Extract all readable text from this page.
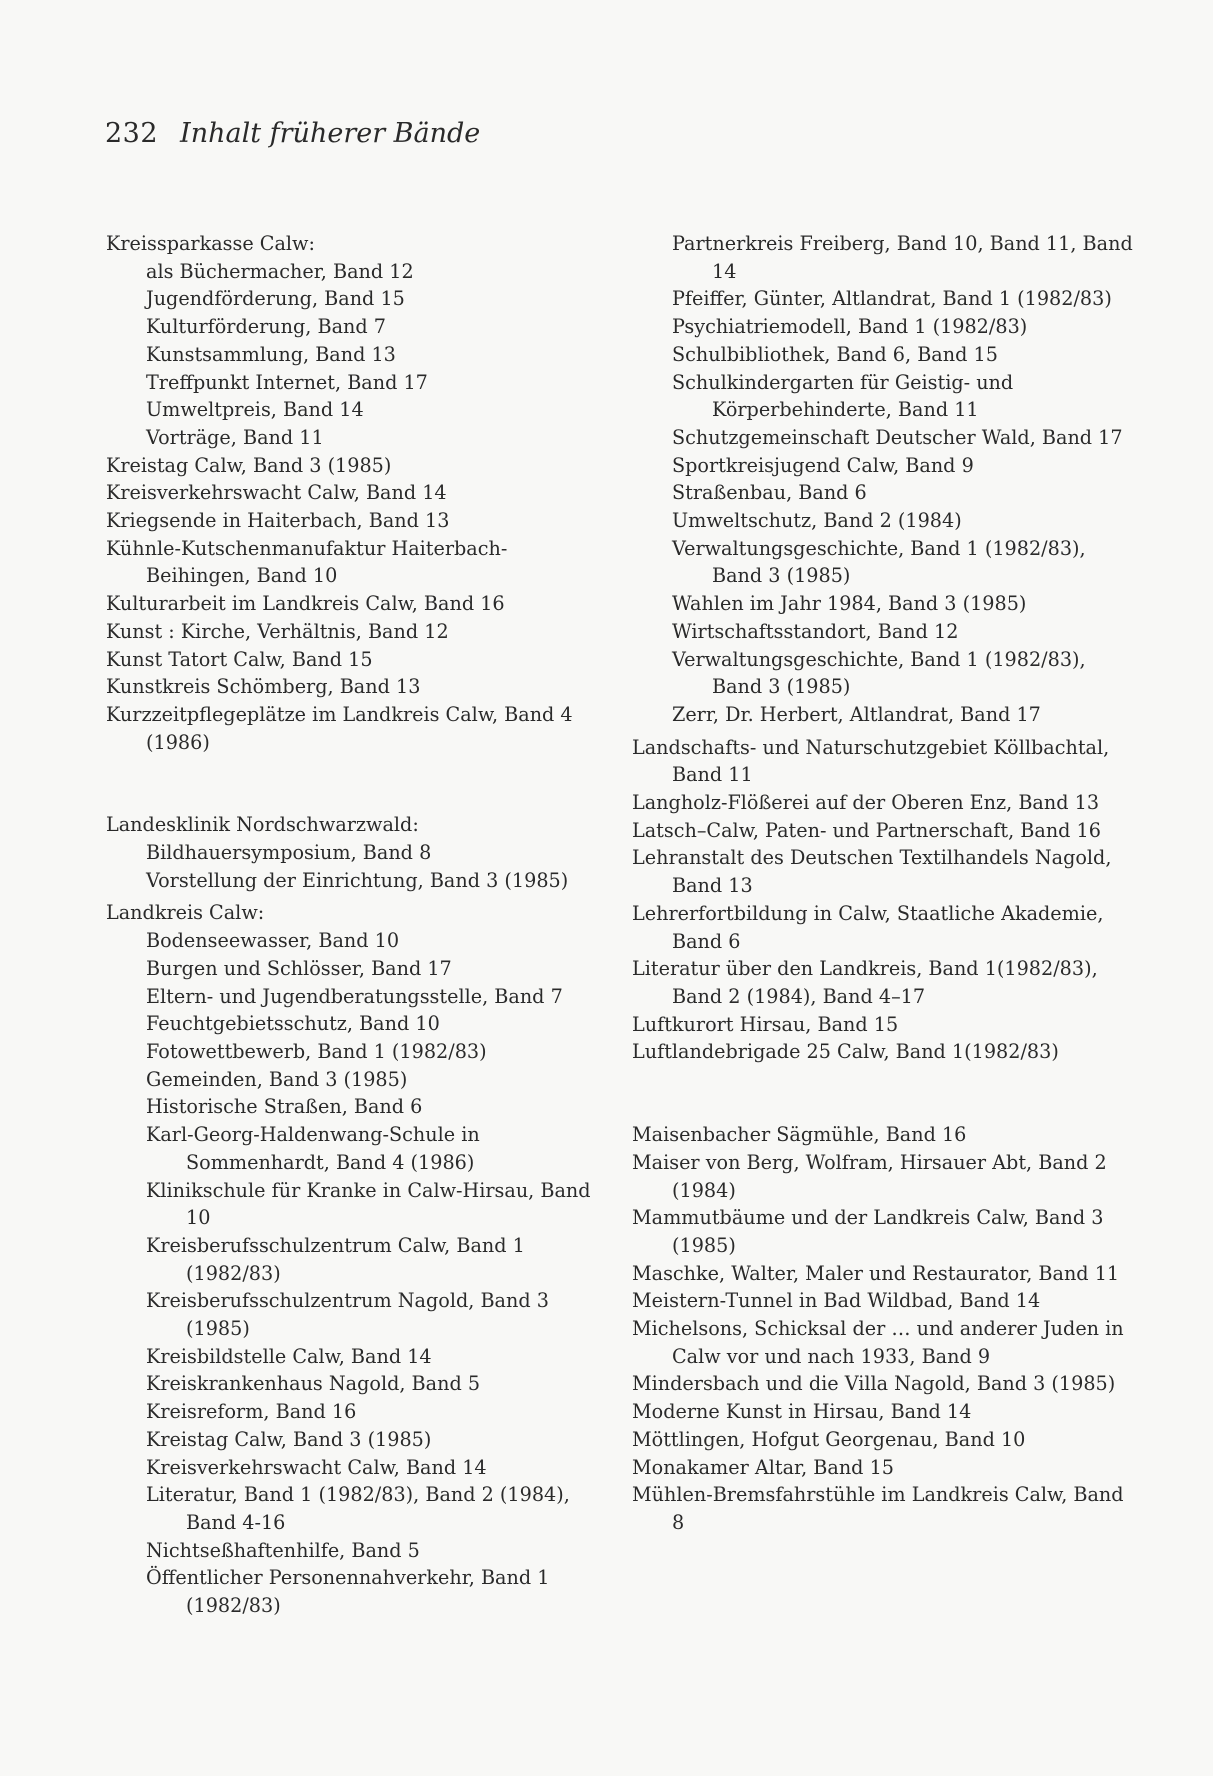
232 Inhalt früherer Bände

Kreissparkasse Calw:

als Büchermacher, Band 12

Jugendförderung, Band 15

Kulturförderung, Band 7

Kunstsammlung, Band 13

Treffpunkt Internet, Band 17

Umweltpreis, Band 14

Vorträge, Band 11

Kreistag Calw, Band 3 (1985)

Kreisverkehrswacht Calw, Band 14

Kriegsende in Haiterbach, Band 13

Kühnle-Kutschenmanufaktur Haiterbach-Beihingen, Band 10

Kulturarbeit im Landkreis Calw, Band 16

Kunst : Kirche, Verhältnis, Band 12

Kunst Tatort Calw, Band 15

Kunstkreis Schömberg, Band 13

Kurzzeitpflegeplätze im Landkreis Calw, Band 4 (1986)

Landesklinik Nordschwarzwald:

Bildhauersymposium, Band 8

Vorstellung der Einrichtung, Band 3 (1985)

Landkreis Calw:

Bodenseewasser, Band 10

Burgen und Schlösser, Band 17

Eltern- und Jugendberatungsstelle, Band 7

Feuchtgebietsschutz, Band 10

Fotowettbewerb, Band 1 (1982/83)

Gemeinden, Band 3 (1985)

Historische Straßen, Band 6

Karl-Georg-Haldenwang-Schule in Sommenhardt, Band 4 (1986)

Klinikschule für Kranke in Calw-Hirsau, Band 10

Kreisberufsschulzentrum Calw, Band 1 (1982/83)

Kreisberufsschulzentrum Nagold, Band 3 (1985)

Kreisbildstelle Calw, Band 14

Kreiskrankenhaus Nagold, Band 5

Kreisreform, Band 16

Kreistag Calw, Band 3 (1985)

Kreisverkehrswacht Calw, Band 14

Literatur, Band 1 (1982/83), Band 2 (1984), Band 4-16

Nichtseßhaftenhilfe, Band 5

Öffentlicher Personennahverkehr, Band 1 (1982/83)

Partnerkreis Freiberg, Band 10, Band 11, Band 14

Pfeiffer, Günter, Altlandrat, Band 1 (1982/83)

Psychiatriemodell, Band 1 (1982/83)

Schulbibliothek, Band 6, Band 15

Schulkindergarten für Geistig- und Körperbehinderte, Band 11

Schutzgemeinschaft Deutscher Wald, Band 17

Sportkreisjugend Calw, Band 9

Straßenbau, Band 6

Umweltschutz, Band 2 (1984)

Verwaltungsgeschichte, Band 1 (1982/83), Band 3 (1985)

Wahlen im Jahr 1984, Band 3 (1985)

Wirtschaftsstandort, Band 12

Verwaltungsgeschichte, Band 1 (1982/83), Band 3 (1985)

Zerr, Dr. Herbert, Altlandrat, Band 17

Landschafts- und Naturschutzgebiet Köllbachtal, Band 11

Langholz-Flößerei auf der Oberen Enz, Band 13

Latsch–Calw, Paten- und Partnerschaft, Band 16

Lehranstalt des Deutschen Textilhandels Nagold, Band 13

Lehrerfortbildung in Calw, Staatliche Akademie, Band 6

Literatur über den Landkreis, Band 1(1982/83), Band 2 (1984), Band 4–17

Luftkurort Hirsau, Band 15

Luftlandebrigade 25 Calw, Band 1(1982/83)

Maisenbacher Sägmühle, Band 16

Maiser von Berg, Wolfram, Hirsauer Abt, Band 2 (1984)

Mammutbäume und der Landkreis Calw, Band 3 (1985)

Maschke, Walter, Maler und Restaurator, Band 11

Meistern-Tunnel in Bad Wildbad, Band 14

Michelsons, Schicksal der … und anderer Juden in Calw vor und nach 1933, Band 9

Mindersbach und die Villa Nagold, Band 3 (1985)

Moderne Kunst in Hirsau, Band 14

Möttlingen, Hofgut Georgenau, Band 10

Monakamer Altar, Band 15

Mühlen-Bremsfahrstühle im Landkreis Calw, Band 8
